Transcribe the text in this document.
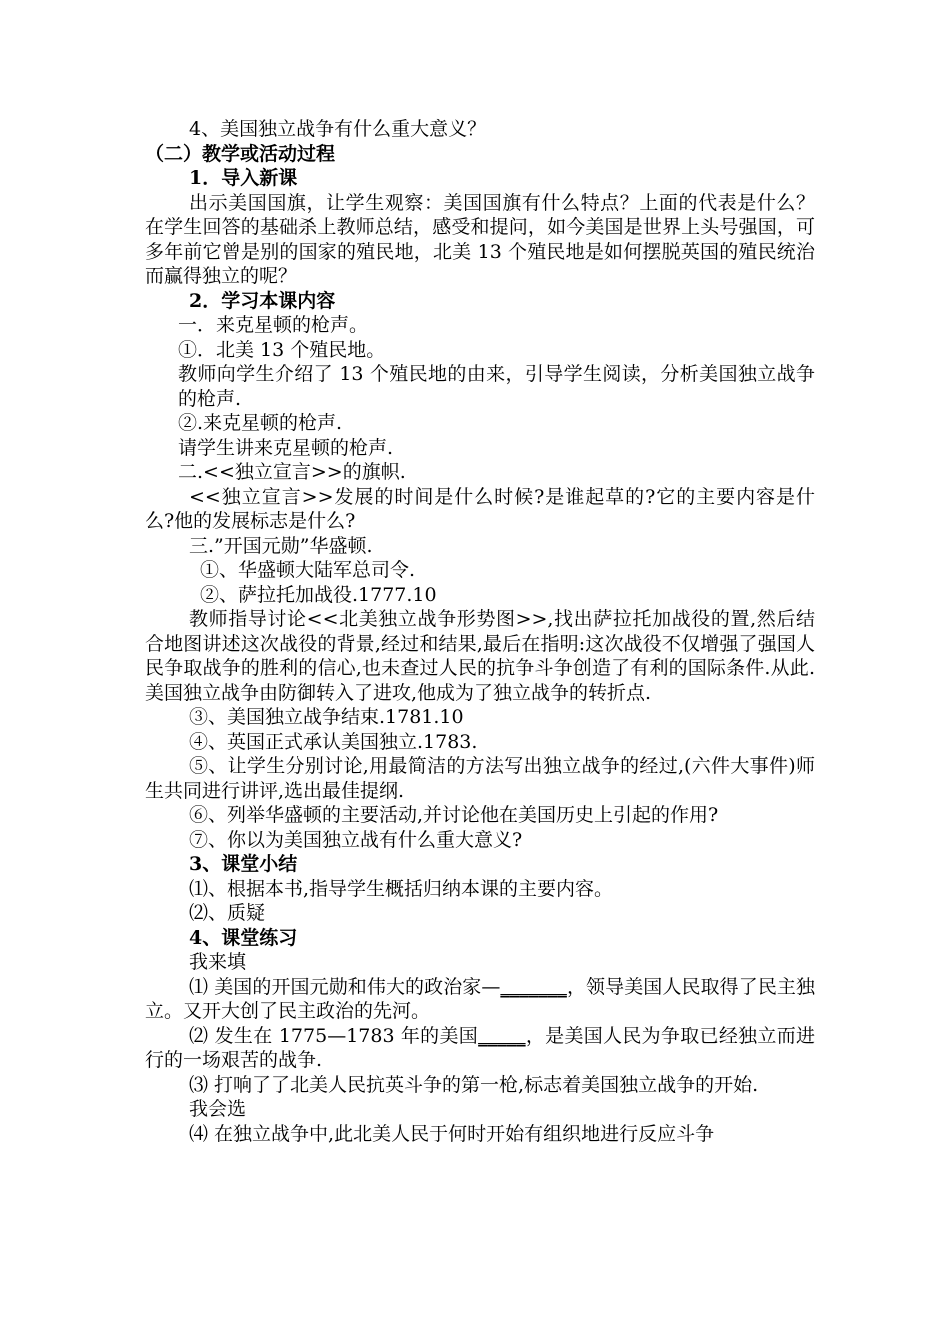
4、美国独立战争有什么重大意义？
（二）教学或活动过程
1．导入新课
出示美国国旗，让学生观察：美国国旗有什么特点？上面的代表是什么？在学生回答的基础杀上教师总结，感受和提问，如今美国是世界上头号强国，可多年前它曾是别的国家的殖民地，北美 13 个殖民地是如何摆脱英国的殖民统治而赢得独立的呢？
2．学习本课内容
一．来克星顿的枪声。
①．北美 13 个殖民地。
教师向学生介绍了 13 个殖民地的由来，引导学生阅读，分析美国独立战争的枪声.
②.来克星顿的枪声.
请学生讲来克星顿的枪声.
二.<<独立宣言>>的旗帜.
<<独立宣言>>发展的时间是什么时候?是谁起草的?它的主要内容是什么?他的发展标志是什么?
三.”开国元勋”华盛顿.
①、华盛顿大陆军总司令.
②、萨拉托加战役.1777.10
教师指导讨论<<北美独立战争形势图>>,找出萨拉托加战役的置,然后结合地图讲述这次战役的背景,经过和结果,最后在指明:这次战役不仅增强了强国人民争取战争的胜利的信心,也未查过人民的抗争斗争创造了有利的国际条件.从此.美国独立战争由防御转入了进攻,他成为了独立战争的转折点.
③、美国独立战争结束.1781.10
④、英国正式承认美国独立.1783.
⑤、让学生分别讨论,用最简洁的方法写出独立战争的经过,(六件大事件)师生共同进行讲评,选出最佳提纲.
⑥、列举华盛顿的主要活动,并讨论他在美国历史上引起的作用?
⑦、你以为美国独立战有什么重大意义?
3、课堂小结
⑴、根据本书,指导学生概括归纳本课的主要内容。
⑵、质疑
4、课堂练习
我来填
⑴ 美国的开国元勋和伟大的政治家—_______，领导美国人民取得了民主独立。又开大创了民主政治的先河。
⑵ 发生在 1775—1783 年的美国_____，是美国人民为争取已经独立而进行的一场艰苦的战争.
⑶ 打响了了北美人民抗英斗争的第一枪,标志着美国独立战争的开始.
我会选
⑷ 在独立战争中,此北美人民于何时开始有组织地进行反应斗争
